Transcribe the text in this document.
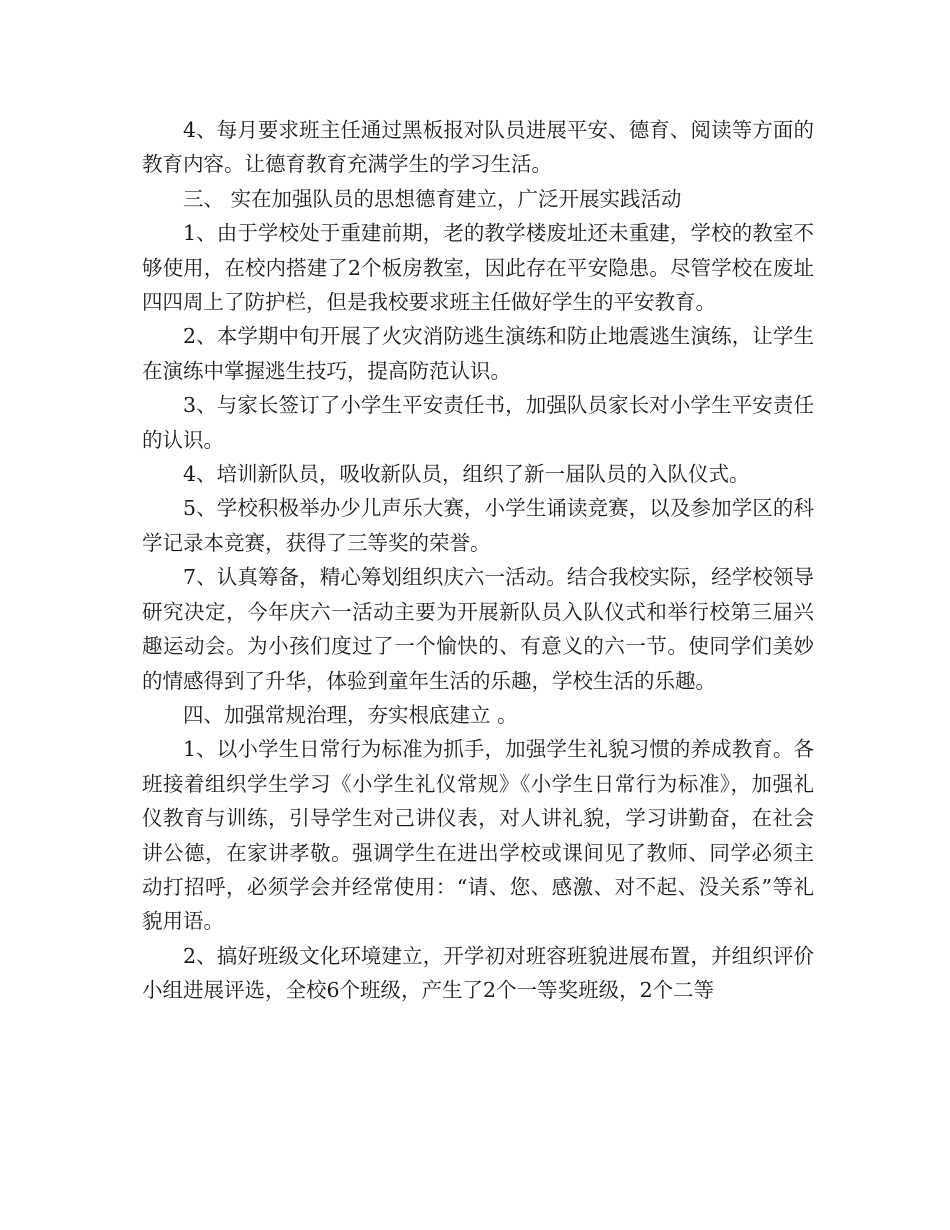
4、每月要求班主任通过黑板报对队员进展平安、德育、阅读等方面的教育内容。让德育教育充满学生的学习生活。

三、 实在加强队员的思想德育建立，广泛开展实践活动

1、由于学校处于重建前期，老的教学楼废址还未重建，学校的教室不够使用，在校内搭建了2个板房教室，因此存在平安隐患。尽管学校在废址四四周上了防护栏，但是我校要求班主任做好学生的平安教育。

2、本学期中旬开展了火灾消防逃生演练和防止地震逃生演练，让学生在演练中掌握逃生技巧，提高防范认识。

3、与家长签订了小学生平安责任书，加强队员家长对小学生平安责任的认识。

4、培训新队员，吸收新队员，组织了新一届队员的入队仪式。

5、学校积极举办少儿声乐大赛，小学生诵读竞赛，以及参加学区的科学记录本竞赛，获得了三等奖的荣誉。

7、认真筹备，精心筹划组织庆六一活动。结合我校实际，经学校领导研究决定，今年庆六一活动主要为开展新队员入队仪式和举行校第三届兴趣运动会。为小孩们度过了一个愉快的、有意义的六一节。使同学们美妙的情感得到了升华，体验到童年生活的乐趣，学校生活的乐趣。

四、加强常规治理，夯实根底建立 。

1、以小学生日常行为标准为抓手，加强学生礼貌习惯的养成教育。各班接着组织学生学习《小学生礼仪常规》《小学生日常行为标准》，加强礼仪教育与训练，引导学生对己讲仪表，对人讲礼貌，学习讲勤奋，在社会讲公德，在家讲孝敬。强调学生在进出学校或课间见了教师、同学必须主动打招呼，必须学会并经常使用：“请、您、感激、对不起、没关系”等礼貌用语。

2、搞好班级文化环境建立，开学初对班容班貌进展布置，并组织评价小组进展评选，全校6个班级，产生了2个一等奖班级，2个二等
